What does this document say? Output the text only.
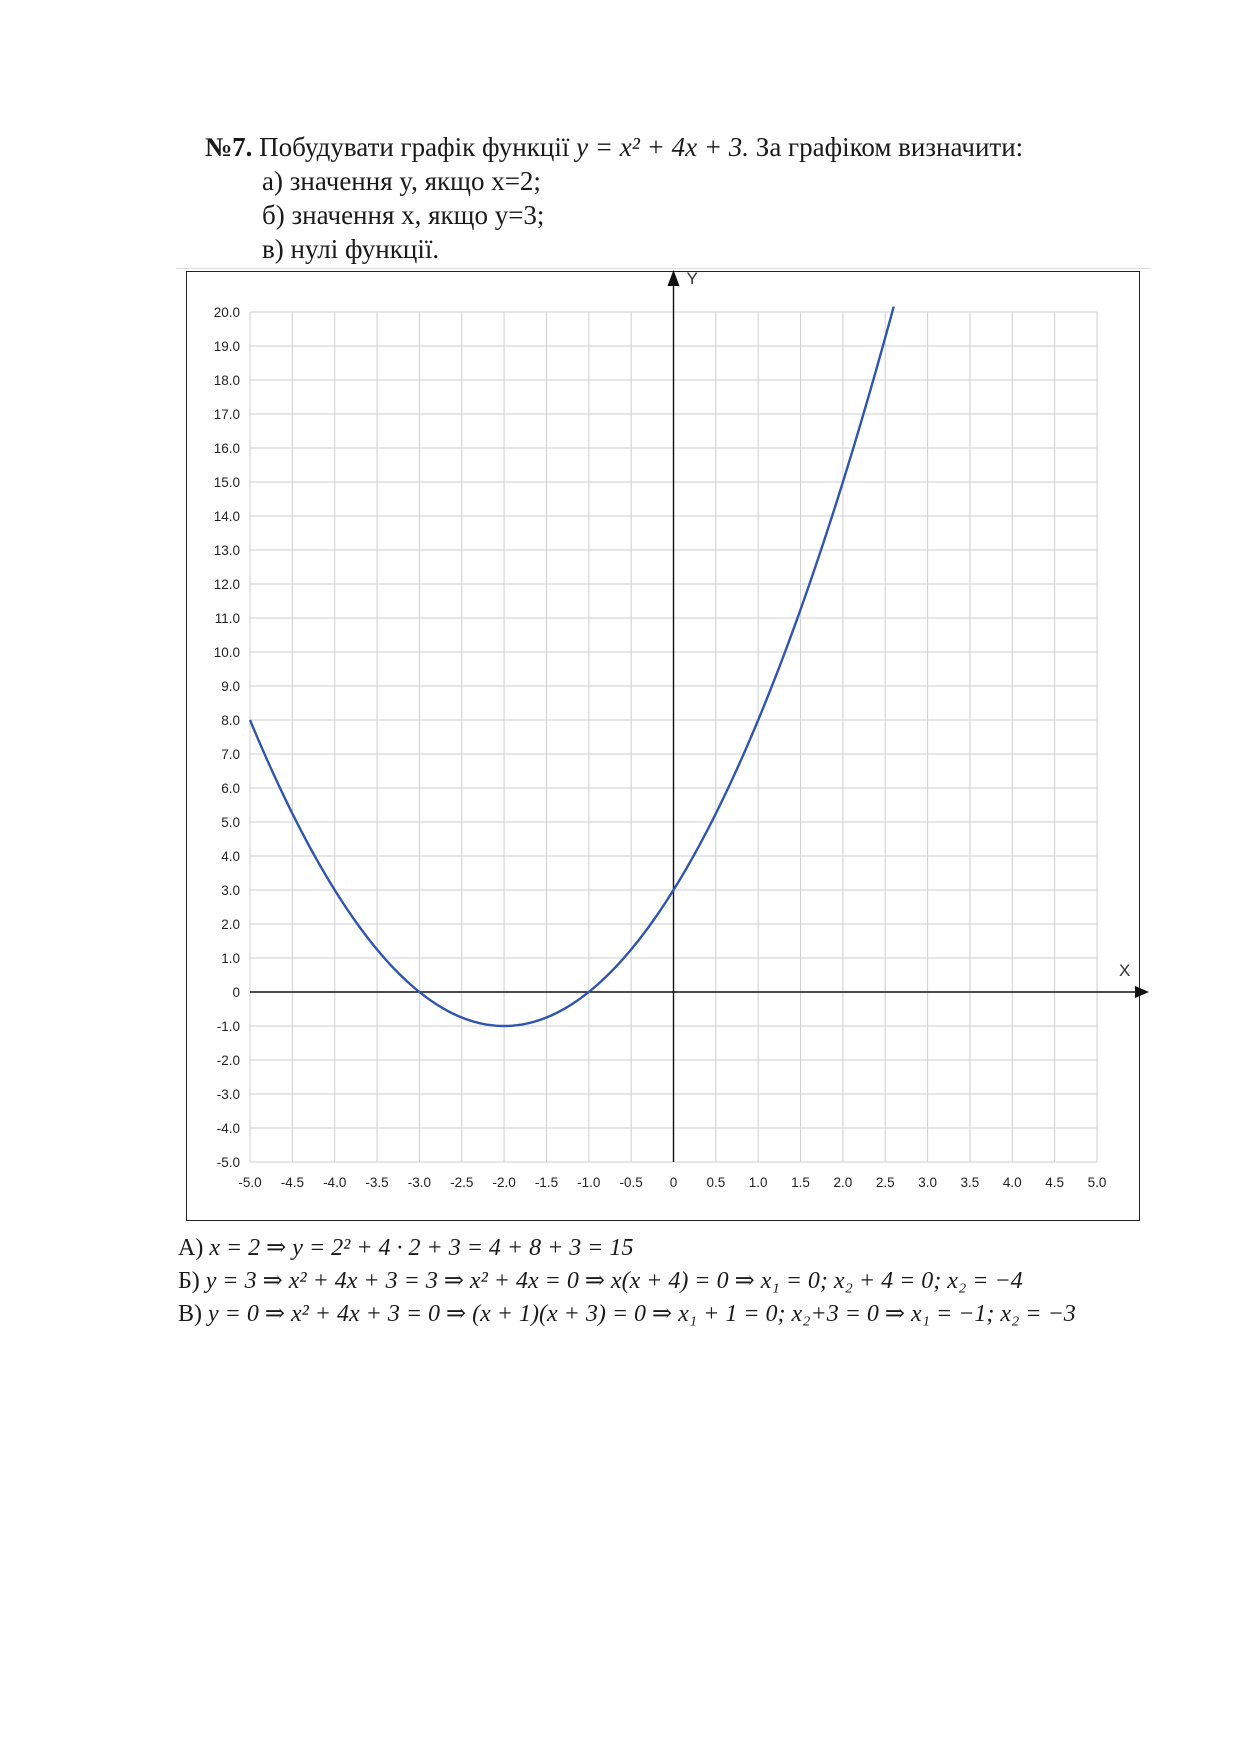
№7. Побудувати графік функції y = x² + 4x + 3. За графіком визначити:
а) значення y, якщо x=2;
б) значення x, якщо y=3;
в) нулі функції.
X
Y
-5.0 -4.5 -4.0 -3.5 -3.0 -2.5 -2.0 -1.5 -1.0 -0.5 0 0.5 1.0 1.5 2.0 2.5 3.0 3.5 4.0 4.5 5.0
20.0
19.0
18.0
17.0
16.0
15.0
14.0
13.0
12.0
11.0
10.0
9.0
8.0
7.0
6.0
5.0
4.0
3.0
2.0
1.0
0
-1.0
-2.0
-3.0
-4.0
-5.0
А) x = 2 ⇒ y = 2² + 4 · 2 + 3 = 4 + 8 + 3 = 15
Б) y = 3 ⇒ x² + 4x + 3 = 3 ⇒ x² + 4x = 0 ⇒ x(x + 4) = 0 ⇒ x₁ = 0; x₂ + 4 = 0; x₂ = −4
В) y = 0 ⇒ x² + 4x + 3 = 0 ⇒ (x + 1)(x + 3) = 0 ⇒ x₁ + 1 = 0; x₂+3 = 0 ⇒ x₁ = −1; x₂ = −3
